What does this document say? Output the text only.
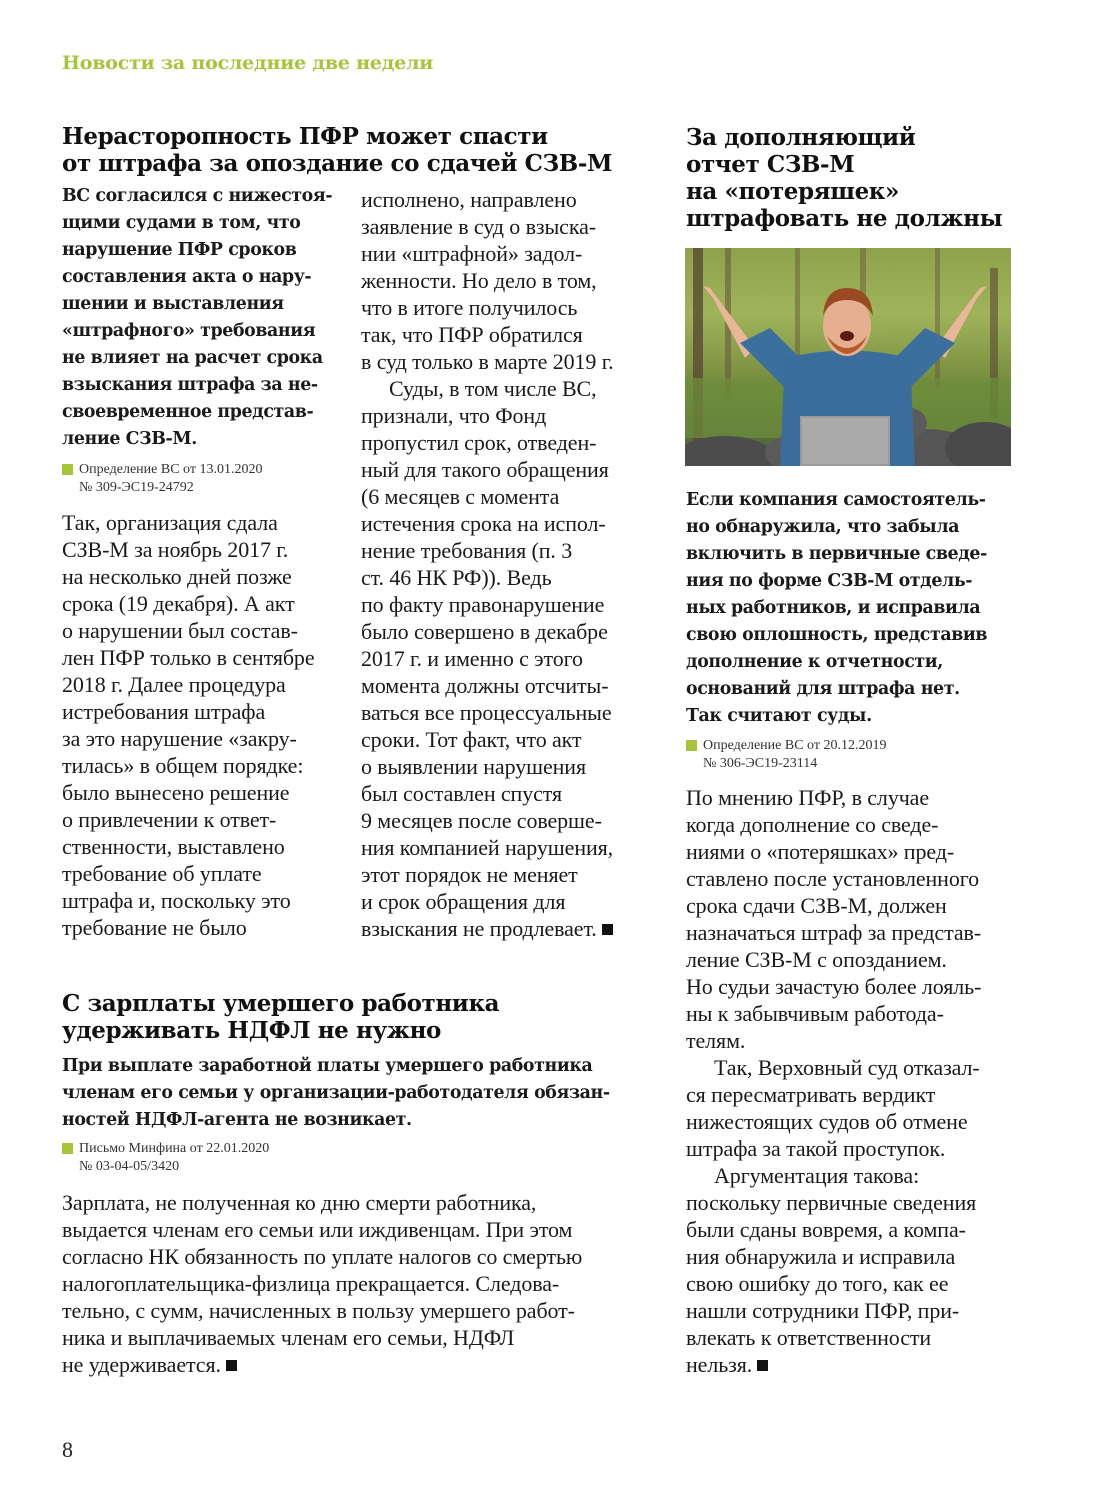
Новости за последние две недели
Нерасторопность ПФР может спасти
от штрафа за опоздание со сдачей СЗВ-М
ВС согласился с нижестоя-
щими судами в том, что
нарушение ПФР сроков
составления акта о нару-
шении и выставления
«штрафного» требования
не влияет на расчет срока
взыскания штрафа за не-
своевременное представ-
ление СЗВ-М.
Определение ВС от 13.01.2020
№ 309-ЭС19-24792
Так, организация сдала
СЗВ-М за ноябрь 2017 г.
на несколько дней позже
срока (19 декабря). А акт
о нарушении был состав-
лен ПФР только в сентябре
2018 г. Далее процедура
истребования штрафа
за это нарушение «закру-
тилась» в общем порядке:
было вынесено решение
о привлечении к ответ-
ственности, выставлено
требование об уплате
штрафа и, поскольку это
требование не было
исполнено, направлено
заявление в суд о взыска-
нии «штрафной» задол-
женности. Но дело в том,
что в итоге получилось
так, что ПФР обратился
в суд только в марте 2019 г.
Суды, в том числе ВС,
признали, что Фонд
пропустил срок, отведен-
ный для такого обращения
(6 месяцев с момента
истечения срока на испол-
нение требования (п. 3
ст. 46 НК РФ)). Ведь
по факту правонарушение
было совершено в декабре
2017 г. и именно с этого
момента должны отсчиты-
ваться все процессуальные
сроки. Тот факт, что акт
о выявлении нарушения
был составлен спустя
9 месяцев после соверше-
ния компанией нарушения,
этот порядок не меняет
и срок обращения для
взыскания не продлевает.
С зарплаты умершего работника
удерживать НДФЛ не нужно
При выплате заработной платы умершего работника
членам его семьи у организации-работодателя обязан-
ностей НДФЛ-агента не возникает.
Письмо Минфина от 22.01.2020
№ 03-04-05/3420
Зарплата, не полученная ко дню смерти работника,
выдается членам его семьи или иждивенцам. При этом
согласно НК обязанность по уплате налогов со смертью
налогоплательщика-физлица прекращается. Следова-
тельно, с сумм, начисленных в пользу умершего работ-
ника и выплачиваемых членам его семьи, НДФЛ
не удерживается.
За дополняющий
отчет СЗВ-М
на «потеряшек»
штрафовать не должны
Если компания самостоятель-
но обнаружила, что забыла
включить в первичные сведе-
ния по форме СЗВ-М отдель-
ных работников, и исправила
свою оплошность, представив
дополнение к отчетности,
оснований для штрафа нет.
Так считают суды.
Определение ВС от 20.12.2019
№ 306-ЭС19-23114
По мнению ПФР, в случае
когда дополнение со сведе-
ниями о «потеряшках» пред-
ставлено после установленного
срока сдачи СЗВ-М, должен
назначаться штраф за представ-
ление СЗВ-М с опозданием.
Но судьи зачастую более лояль-
ны к забывчивым работода-
телям.
Так, Верховный суд отказал-
ся пересматривать вердикт
нижестоящих судов об отмене
штрафа за такой проступок.
Аргументация такова:
поскольку первичные сведения
были сданы вовремя, а компа-
ния обнаружила и исправила
свою ошибку до того, как ее
нашли сотрудники ПФР, при-
влекать к ответственности
нельзя.
8
